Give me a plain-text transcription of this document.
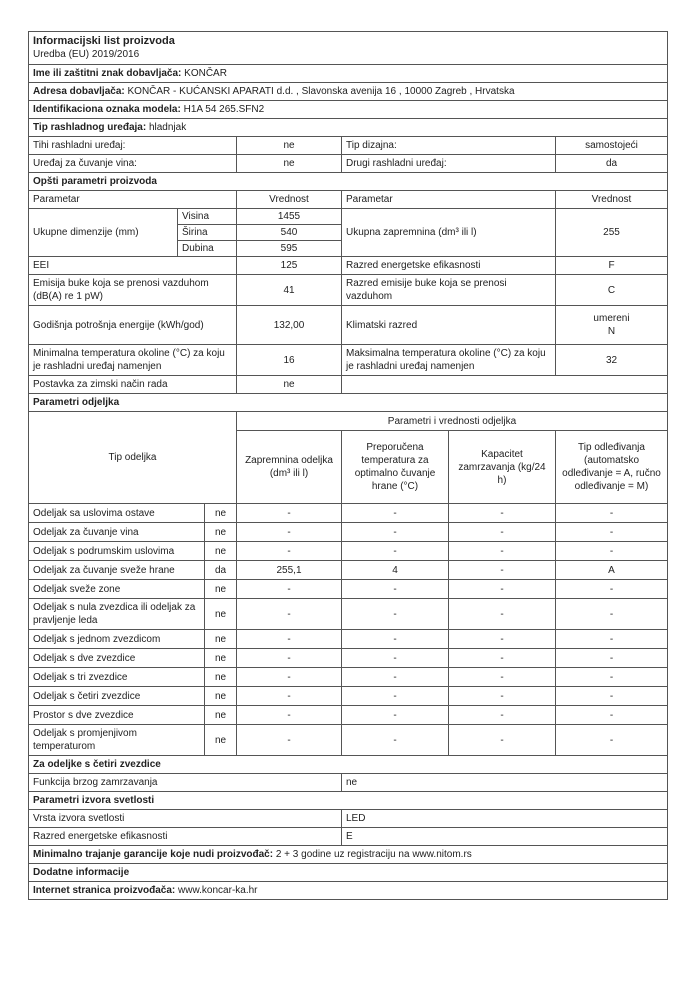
Informacijski list proizvoda
Uredba (EU) 2019/2016						

Ime ili zaštitni znak dobavljača: KONČAR						
Adresa dobavljača: KONČAR - KUĆANSKI APARATI d.d. , Slavonska avenija 16 , 10000 Zagreb , Hrvatska						
Identifikaciona oznaka modela: H1A 54 265.SFN2						
Tip rashladnog uređaja: hladnjak						
Tihi rashladni uređaj:			ne	Tip dizajna:		samostojeći
Uređaj za čuvanje vina:			ne	Drugi rashladni uređaj:		da
Opšti parametri proizvoda						
Parametar			Vrednost	Parametar		Vrednost
Ukupne dimenzije (mm)	Visina		1455	Ukupna zapremnina (dm³ ili l)		255
	Širina		540			
	Dubina		595			
EEI			125	Razred energetske efikasnosti		F
Emisija buke koja se prenosi vazduhom (dB(A) re 1 pW)			41	Razred emisije buke koja se prenosi vazduhom		C
Godišnja potrošnja energije (kWh/god)			132,00	Klimatski razred		umereni
N

Minimalna temperatura okoline (°C) za koju je rashladni uređaj namenjen			16	Maksimalna temperatura okoline (°C) za koju je rashladni uređaj namenjen		32
Postavka za zimski način rada			ne			
Parametri odjeljka						
Tip odeljka			Parametri i vrednosti odjeljka			
			Zapremnina odeljka (dm³ ili l)	Preporučena temperatura za optimalno čuvanje hrane (°C)	Kapacitet zamrzavanja (kg/24 h)	Tip odleđivanja (automatsko odleđivanje = A, ručno odleđivanje = M)
Odeljak sa uslovima ostave		ne	-	-	-	-
Odeljak za čuvanje vina		ne	-	-	-	-
Odeljak s podrumskim uslovima		ne	-	-	-	-
Odeljak za čuvanje sveže hrane		da	255,1	4	-	A
Odeljak sveže zone		ne	-	-	-	-
Odeljak s nula zvezdica ili odeljak za pravljenje leda		ne	-	-	-	-
Odeljak s jednom zvezdicom		ne	-	-	-	-
Odeljak s dve zvezdice		ne	-	-	-	-
Odeljak s tri zvezdice		ne	-	-	-	-
Odeljak s četiri zvezdice		ne	-	-	-	-
Prostor s dve zvezdice		ne	-	-	-	-
Odeljak s promjenjivom temperaturom		ne	-	-	-	-
Za odeljke s četiri zvezdice						
Funkcija brzog zamrzavanja				ne		
Parametri izvora svetlosti						
Vrsta izvora svetlosti				LED		
Razred energetske efikasnosti				E		
Minimalno trajanje garancije koje nudi proizvođač: 2 + 3 godine uz registraciju na www.nitom.rs						
Dodatne informacije						
Internet stranica proizvođača: www.koncar-ka.hr						
